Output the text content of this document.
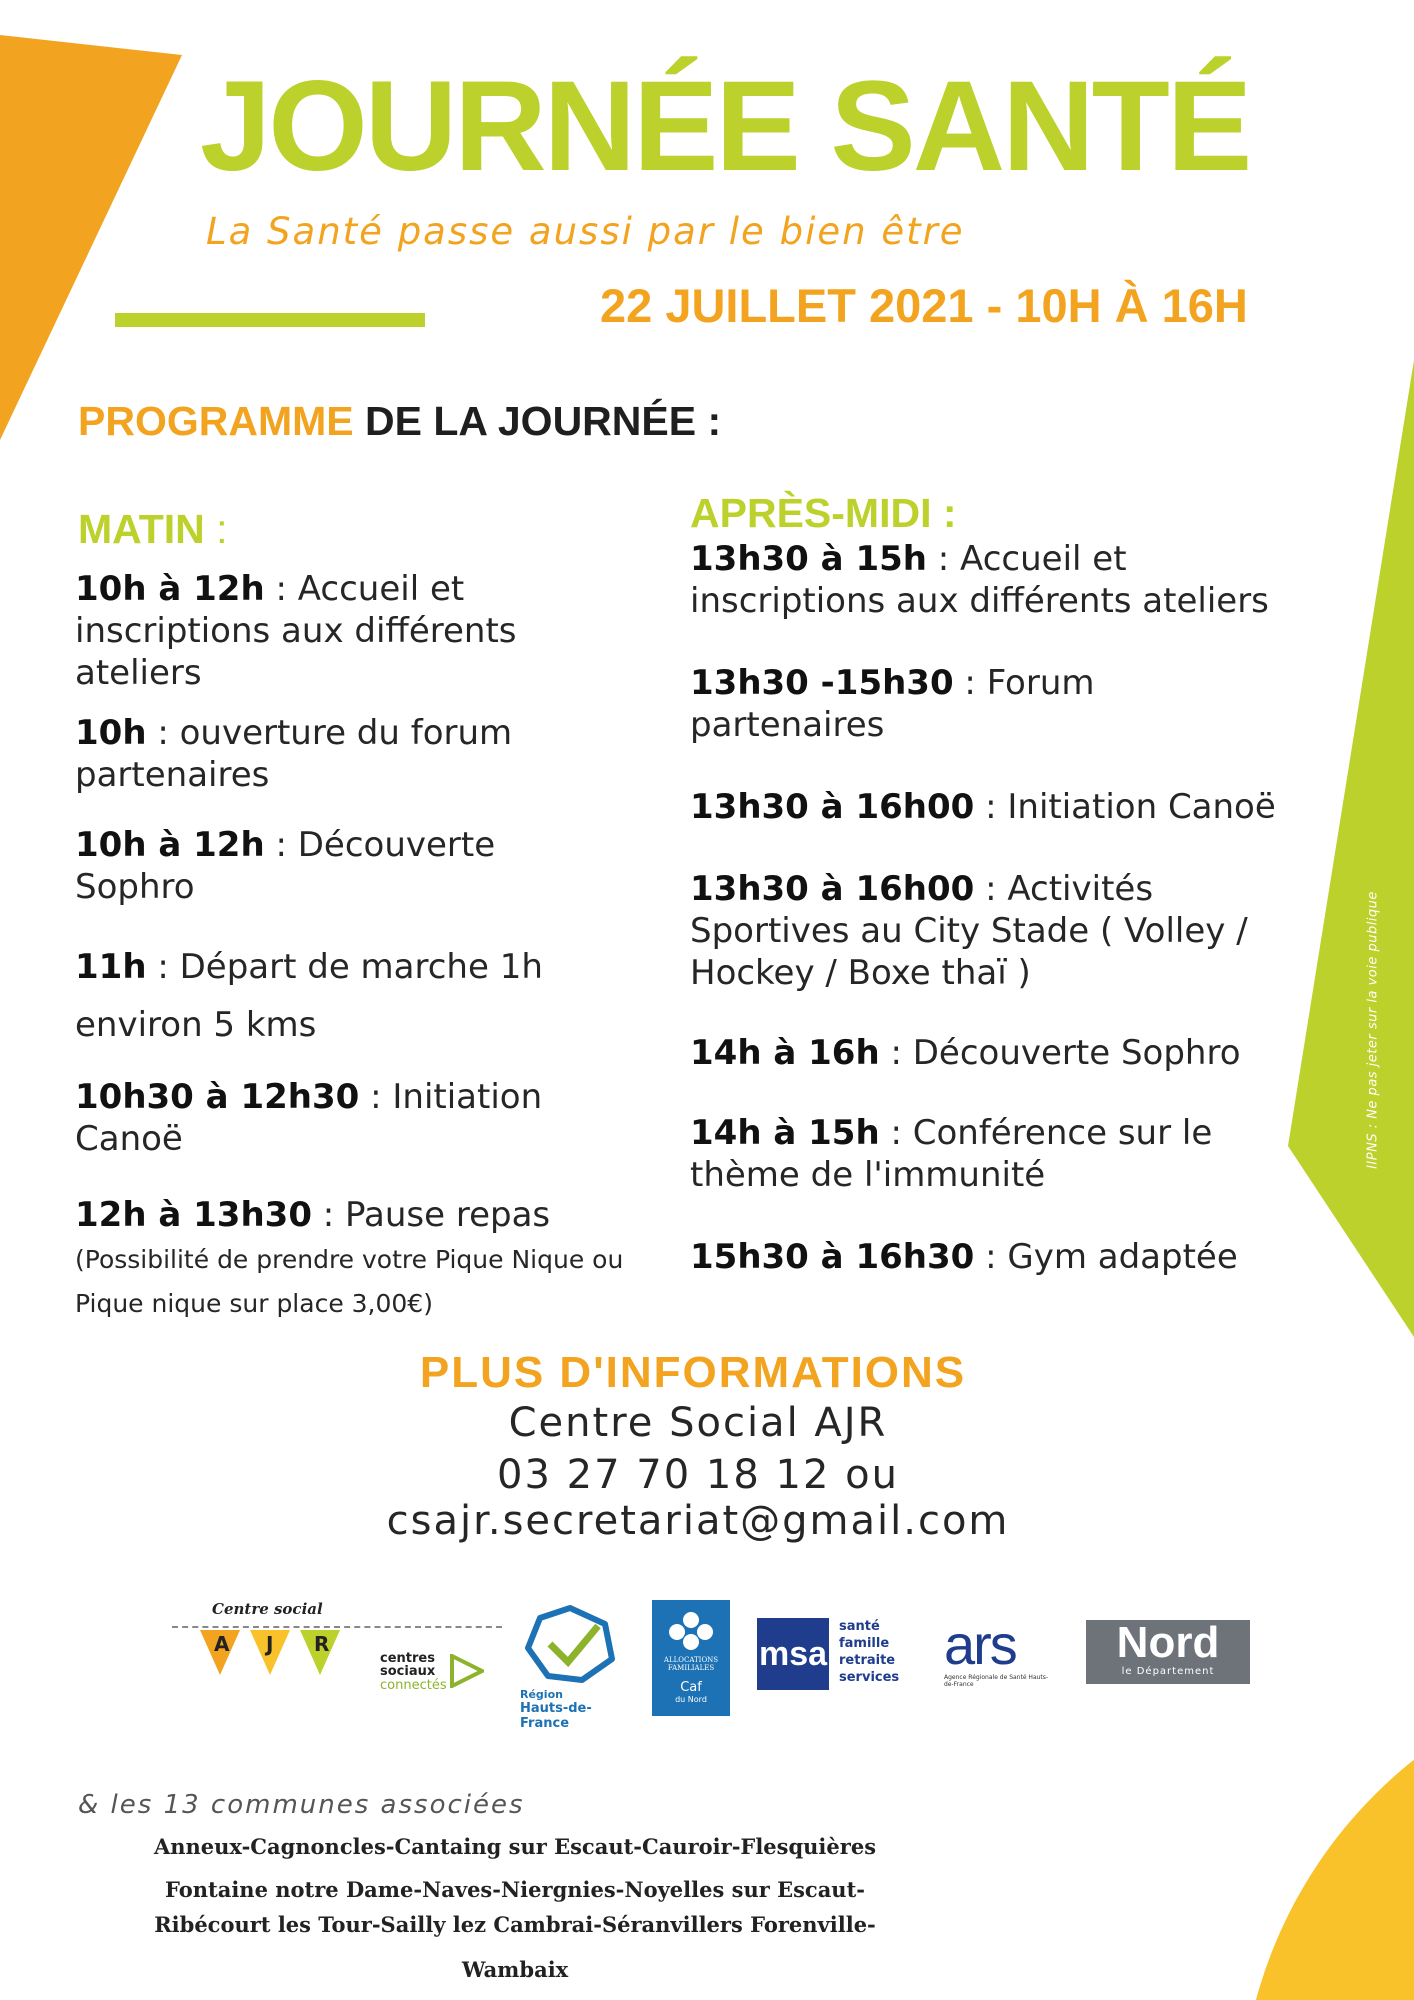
IIPNS : Ne pas jeter sur la voie publique
JOURNÉE SANTÉ
La Santé passe aussi par le bien être
22 JUILLET 2021 - 10H À 16H
PROGRAMME DE LA JOURNÉE :
MATIN :
10h à 12h : Accueil et inscriptions aux différents ateliers
10h : ouverture du forum partenaires
10h à 12h : Découverte Sophro
11h : Départ de marche 1h environ 5 kms
10h30 à 12h30 : Initiation Canoë
12h à 13h30 : Pause repas
(Possibilité de prendre votre Pique Nique ou Pique nique sur place 3,00€)
APRÈS-MIDI :
13h30 à 15h : Accueil et inscriptions aux différents ateliers
13h30 -15h30 : Forum partenaires
13h30 à 16h00 : Initiation Canoë
13h30 à 16h00 : Activités Sportives au City Stade ( Volley / Hockey / Boxe thaï )
14h à 16h : Découverte Sophro
14h à 15h : Conférence sur le thème de l'immunité
15h30 à 16h30 : Gym adaptée
PLUS D'INFORMATIONS
Centre Social AJR
03 27 70 18 12 ou
csajr.secretariat@gmail.com
Centre social
A J R
centres
sociaux
connectés
Région
Hauts-de-France
ALLOCATIONS
FAMILIALES
Caf
du Nord
msa
santé
famille
retraite
services
ars
Agence Régionale de Santé Hauts-de-France
Nord
le Département
& les 13 communes associées
Anneux-Cagnoncles-Cantaing sur Escaut-Cauroir-Flesquières
Fontaine notre Dame-Naves-Niergnies-Noyelles sur Escaut-
Ribécourt les Tour-Sailly lez Cambrai-Séranvillers Forenville-
Wambaix
